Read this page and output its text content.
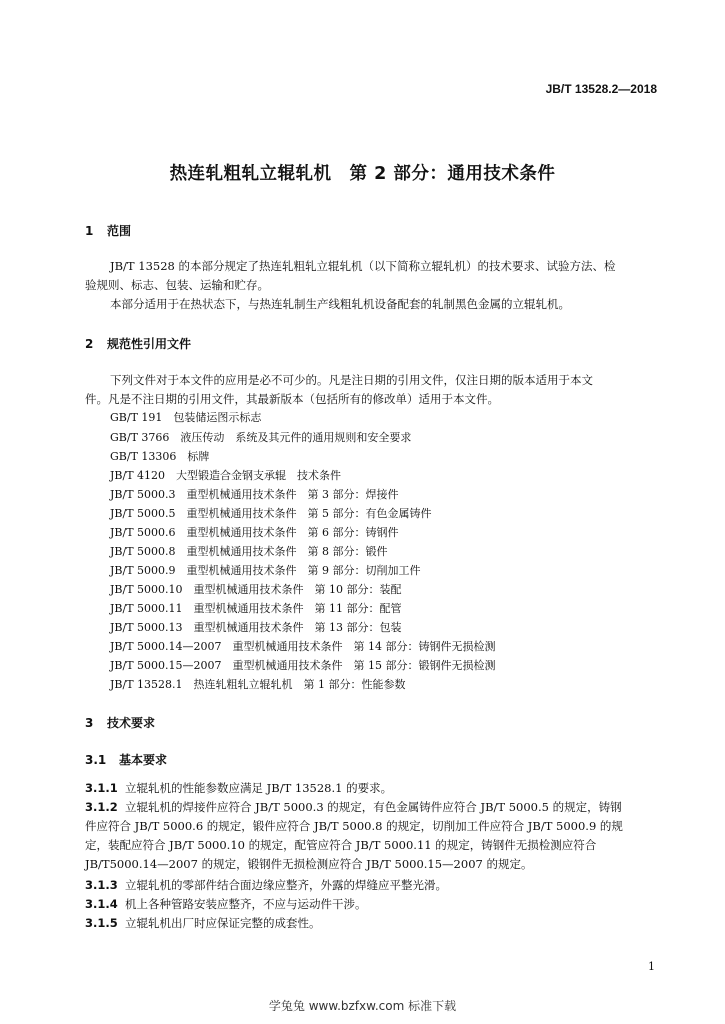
JB/T 13528.2—2018
热连轧粗轧立辊轧机　第 2 部分：通用技术条件
1 范围
JB/T 13528 的本部分规定了热连轧粗轧立辊轧机（以下简称立辊轧机）的技术要求、试验方法、检
验规则、标志、包装、运输和贮存。
本部分适用于在热状态下，与热连轧制生产线粗轧机设备配套的轧制黑色金属的立辊轧机。
2 规范性引用文件
下列文件对于本文件的应用是必不可少的。凡是注日期的引用文件，仅注日期的版本适用于本文
件。凡是不注日期的引用文件，其最新版本（包括所有的修改单）适用于本文件。
GB/T 191　包装储运图示标志
GB/T 3766　液压传动　系统及其元件的通用规则和安全要求
GB/T 13306　标牌
JB/T 4120　大型锻造合金钢支承辊　技术条件
JB/T 5000.3　重型机械通用技术条件　第 3 部分：焊接件
JB/T 5000.5　重型机械通用技术条件　第 5 部分：有色金属铸件
JB/T 5000.6　重型机械通用技术条件　第 6 部分：铸钢件
JB/T 5000.8　重型机械通用技术条件　第 8 部分：锻件
JB/T 5000.9　重型机械通用技术条件　第 9 部分：切削加工件
JB/T 5000.10　重型机械通用技术条件　第 10 部分：装配
JB/T 5000.11　重型机械通用技术条件　第 11 部分：配管
JB/T 5000.13　重型机械通用技术条件　第 13 部分：包装
JB/T 5000.14—2007　重型机械通用技术条件　第 14 部分：铸钢件无损检测
JB/T 5000.15—2007　重型机械通用技术条件　第 15 部分：锻钢件无损检测
JB/T 13528.1　热连轧粗轧立辊轧机　第 1 部分：性能参数
3 技术要求
3.1 基本要求
3.1.1 立辊轧机的性能参数应满足 JB/T 13528.1 的要求。
3.1.2 立辊轧机的焊接件应符合 JB/T 5000.3 的规定，有色金属铸件应符合 JB/T 5000.5 的规定，铸钢
件应符合 JB/T 5000.6 的规定，锻件应符合 JB/T 5000.8 的规定，切削加工件应符合 JB/T 5000.9 的规
定，装配应符合 JB/T 5000.10 的规定，配管应符合 JB/T 5000.11 的规定，铸钢件无损检测应符合
JB/T5000.14—2007 的规定，锻钢件无损检测应符合 JB/T 5000.15—2007 的规定。
3.1.3 立辊轧机的零部件结合面边缘应整齐，外露的焊缝应平整光滑。
3.1.4 机上各种管路安装应整齐，不应与运动件干涉。
3.1.5 立辊轧机出厂时应保证完整的成套性。
1
学兔兔 www.bzfxw.com 标准下载
